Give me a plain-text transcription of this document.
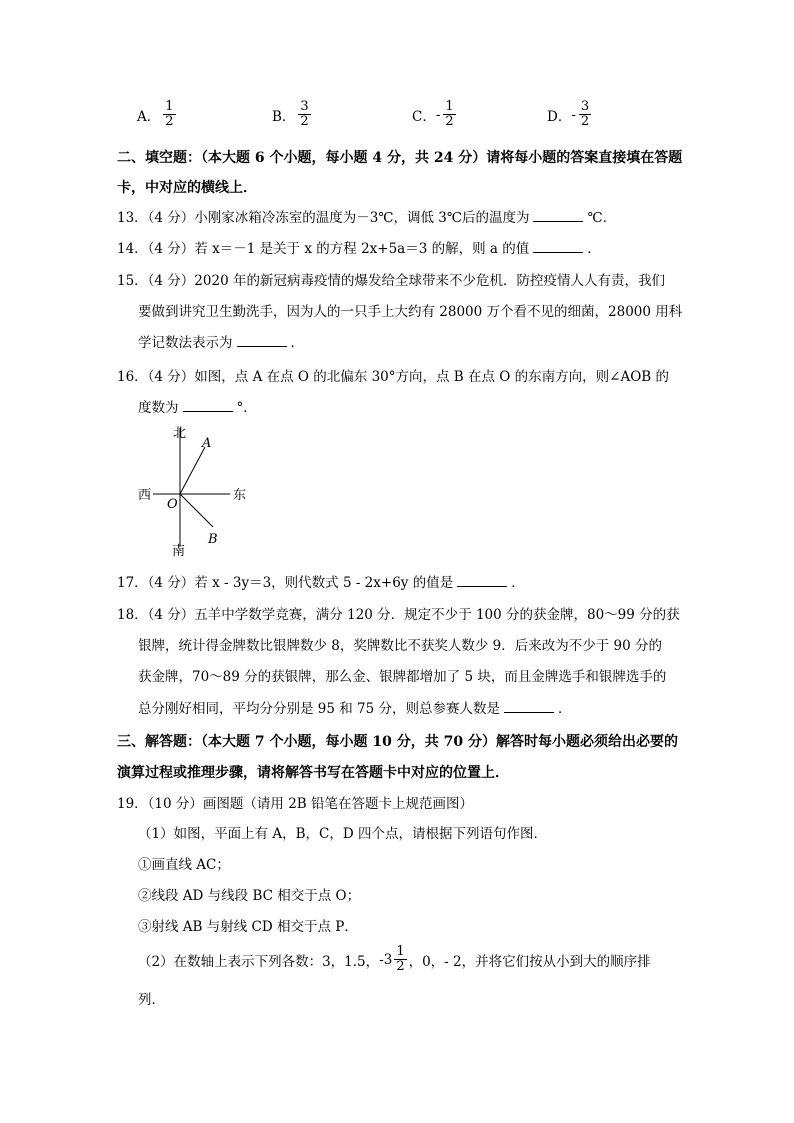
A． $\frac{1}{2}$	B． $\frac{3}{2}$	C． - $\frac{1}{2}$	D． - $\frac{3}{2}$
二、填空题：（本大题 6 个小题，每小题 4 分，共 24 分）请将每小题的答案直接填在答题
卡，中对应的横线上．
13．（4 分）小刚家冰箱冷冻室的温度为－3℃，调低 3℃后的温度为	℃．
14．（4 分）若 x＝－1 是关于 x 的方程 2x+5a＝3 的解，则 a 的值	．
15．（4 分）2020 年的新冠病毒疫情的爆发给全球带来不少危机．防控疫情人人有责，我们
要做到讲究卫生勤洗手，因为人的一只手上大约有 28000 万个看不见的细菌，28000 用科
学记数法表示为	．
16．（4 分）如图，点 A 在点 O 的北偏东 30°方向，点 B 在点 O 的东南方向，则∠AOB 的
度数为	°．
北
南
西	东
O
A
B
17．（4 分）若 x - 3y＝3，则代数式 5 - 2x+6y 的值是	．
18．（4 分）五羊中学数学竞赛，满分 120 分．规定不少于 100 分的获金牌，80～99 分的获
银牌，统计得金牌数比银牌数少 8，奖牌数比不获奖人数少 9．后来改为不少于 90 分的
获金牌，70～89 分的获银牌，那么金、银牌都增加了 5 块，而且金牌选手和银牌选手的
总分刚好相同，平均分分别是 95 和 75 分，则总参赛人数是	．
三、解答题：（本大题 7 个小题，每小题 10 分，共 70 分）解答时每小题必须给出必要的
演算过程或推理步骤，请将解答书写在答题卡中对应的位置上．
19．（10 分）画图题（请用 2B 铅笔在答题卡上规范画图）
（1）如图，平面上有 A，B，C，D 四个点，请根据下列语句作图．
①画直线 AC；
②线段 AD 与线段 BC 相交于点 O；
③射线 AB 与射线 CD 相交于点 P．
（2）在数轴上表示下列各数：3，1.5， $-3 \frac{1}{2}$ ，0，- 2，并将它们按从小到大的顺序排
列．
